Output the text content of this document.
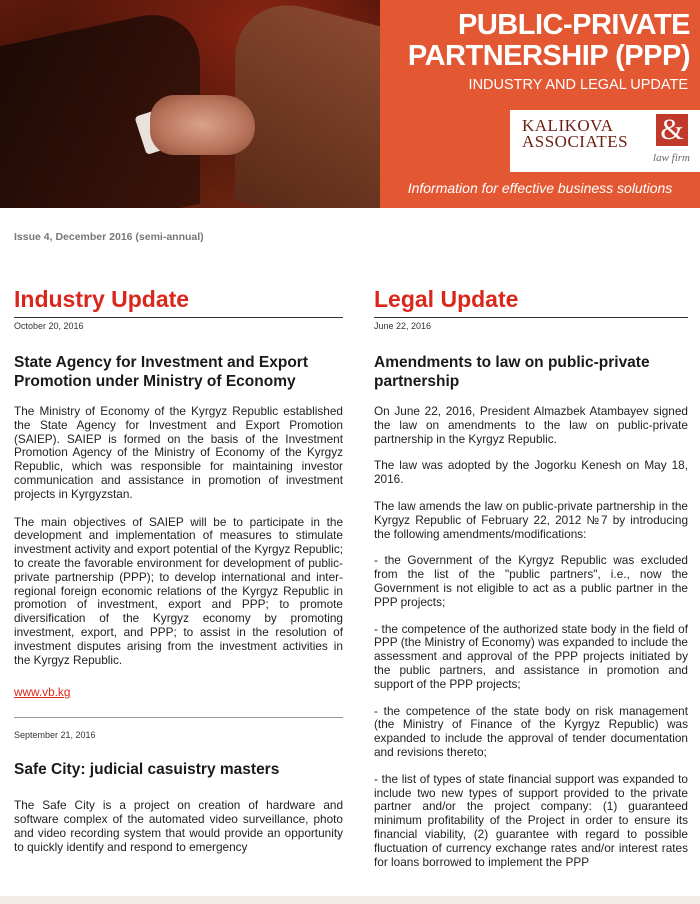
PUBLIC-PRIVATE
PARTNERSHIP (PPP)
INDUSTRY AND LEGAL UPDATE
KALIKOVA
ASSOCIATES &
law firm
Information for effective business solutions
Issue 4, December 2016 (semi-annual)
Industry Update
October 20, 2016
State Agency for Investment and Export Promotion under Ministry of Economy

The Ministry of Economy of the Kyrgyz Republic established the State Agency for Investment and Export Promotion (SAIEP). SAIEP is formed on the basis of the Investment Promotion Agency of the Ministry of Economy of the Kyrgyz Republic, which was responsible for maintaining investor communication and assistance in promotion of investment projects in Kyrgyzstan.

The main objectives of SAIEP will be to participate in the development and implementation of measures to stimulate investment activity and export potential of the Kyrgyz Republic; to create the favorable environment for development of public-private partnership (PPP); to develop international and inter-regional foreign economic relations of the Kyrgyz Republic in promotion of investment, export and PPP; to promote diversification of the Kyrgyz economy by promoting investment, export, and PPP; to assist in the resolution of investment disputes arising from the investment activities in the Kyrgyz Republic.

www.vb.kg
September 21, 2016
Safe City: judicial casuistry masters

The Safe City is a project on creation of hardware and software complex of the automated video surveillance, photo and video recording system that would provide an opportunity to quickly identify and respond to emergency

Legal Update
June 22, 2016
Amendments to law on public-private partnership

On June 22, 2016, President Almazbek Atambayev signed the law on amendments to the law on public-private partnership in the Kyrgyz Republic.

The law was adopted by the Jogorku Kenesh on May 18, 2016.

The law amends the law on public-private partnership in the Kyrgyz Republic of February 22, 2012 №7 by introducing the following amendments/modifications:

- the Government of the Kyrgyz Republic was excluded from the list of the "public partners", i.e., now the Government is not eligible to act as a public partner in the PPP projects;

- the competence of the authorized state body in the field of PPP (the Ministry of Economy) was expanded to include the assessment and approval of the PPP projects initiated by the public partners, and assistance in promotion and support of the PPP projects;

- the competence of the state body on risk management (the Ministry of Finance of the Kyrgyz Republic) was expanded to include the approval of tender documentation and revisions thereto;

- the list of types of state financial support was expanded to include two new types of support provided to the private partner and/or the project company: (1) guaranteed minimum profitability of the Project in order to ensure its financial viability, (2) guarantee with regard to possible fluctuation of currency exchange rates and/or interest rates for loans borrowed to implement the PPP
